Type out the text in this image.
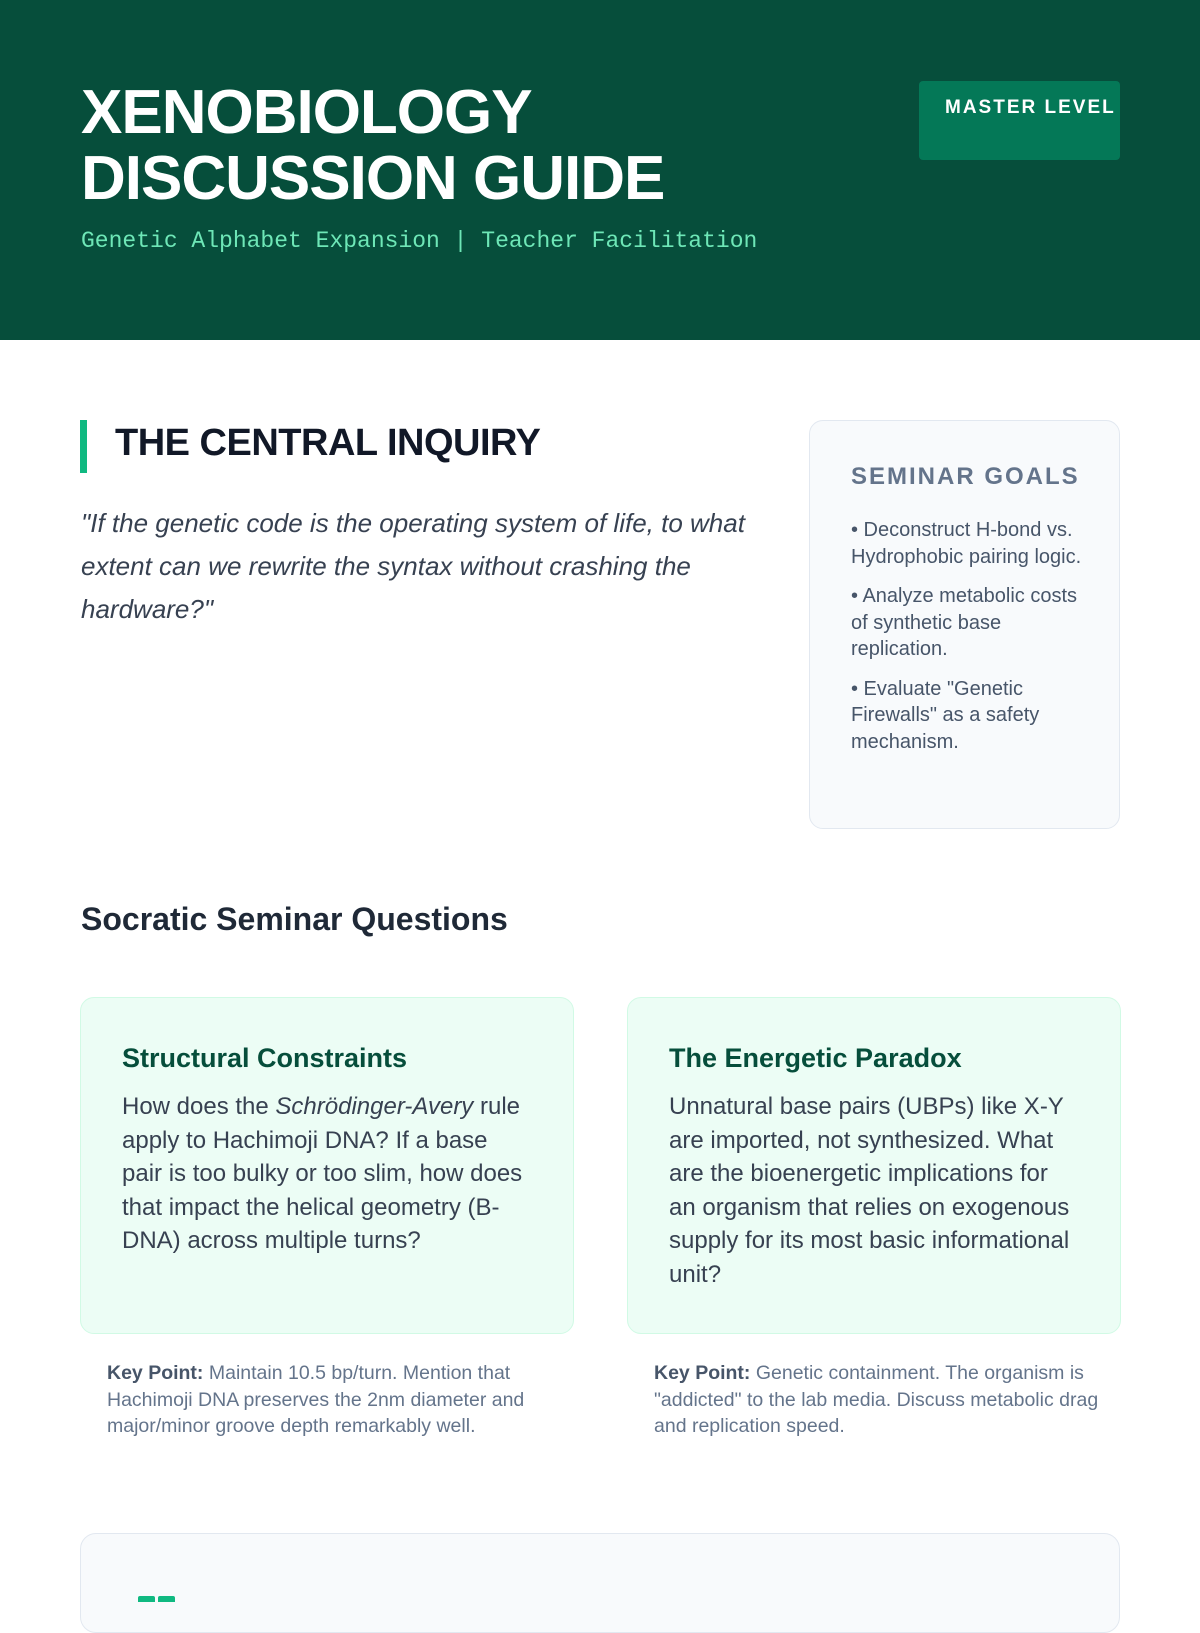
XENOBIOLOGY DISCUSSION GUIDE
Genetic Alphabet Expansion | Teacher Facilitation
MASTER LEVEL
THE CENTRAL INQUIRY

"If the genetic code is the operating system of life, to what extent can we rewrite the syntax without crashing the hardware?"

SEMINAR GOALS
• Deconstruct H-bond vs. Hydrophobic pairing logic.
• Analyze metabolic costs of synthetic base replication.
• Evaluate "Genetic Firewalls" as a safety mechanism.
Socratic Seminar Questions
Structural Constraints

How does the Schrödinger-Avery rule apply to Hachimoji DNA? If a base pair is too bulky or too slim, how does that impact the helical geometry (B-DNA) across multiple turns?

Key Point: Maintain 10.5 bp/turn. Mention that Hachimoji DNA preserves the 2nm diameter and major/minor groove depth remarkably well.

The Energetic Paradox

Unnatural base pairs (UBPs) like X-Y are imported, not synthesized. What are the bioenergetic implications for an organism that relies on exogenous supply for its most basic informational unit?

Key Point: Genetic containment. The organism is "addicted" to the lab media. Discuss metabolic drag and replication speed.
